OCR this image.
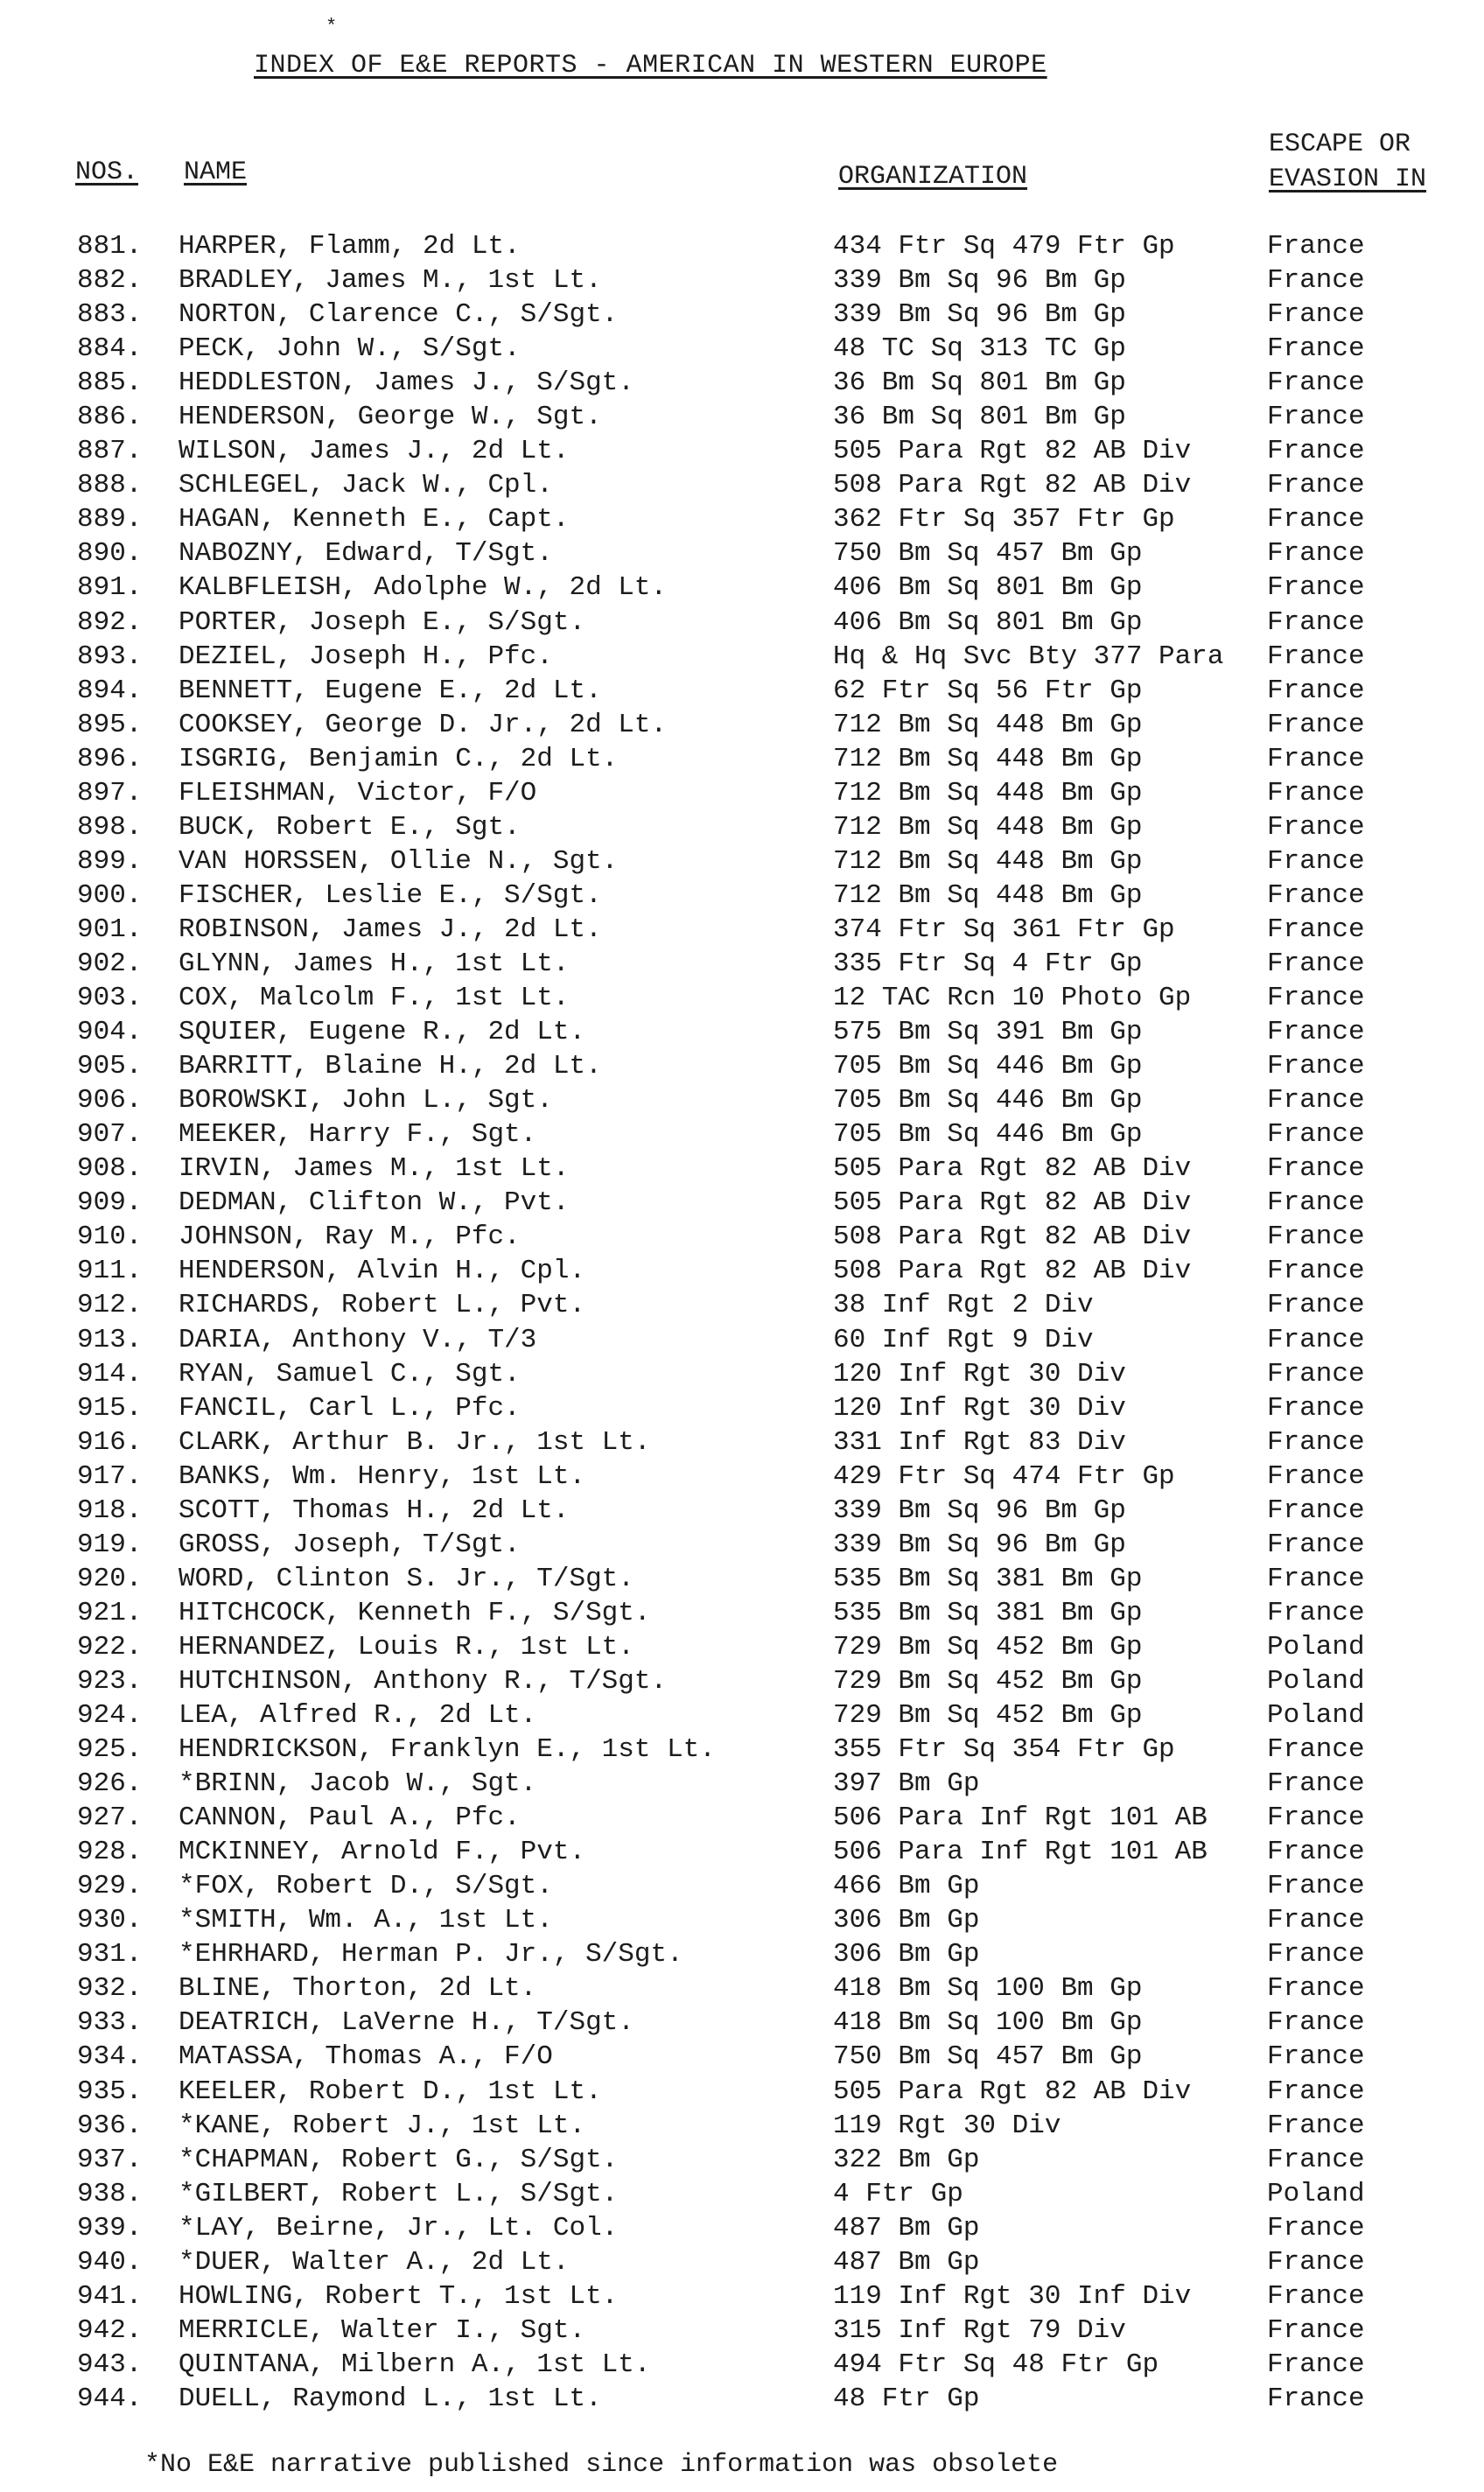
*
INDEX OF E&E REPORTS - AMERICAN IN WESTERN EUROPE
NOS. NAME	ORGANIZATION
ESCAPE OR
EVASION IN
881. HARPER, Flamm, 2d Lt.	434 Ftr Sq 479 Ftr Gp	France
882. BRADLEY, James M., 1st Lt.	339 Bm Sq 96 Bm Gp	France
883. NORTON, Clarence C., S/Sgt.	339 Bm Sq 96 Bm Gp	France
884. PECK, John W., S/Sgt.	48 TC Sq 313 TC Gp	France
885. HEDDLESTON, James J., S/Sgt.	36 Bm Sq 801 Bm Gp	France
886. HENDERSON, George W., Sgt.	36 Bm Sq 801 Bm Gp	France
887. WILSON, James J., 2d Lt.	505 Para Rgt 82 AB Div	France
888. SCHLEGEL, Jack W., Cpl.	508 Para Rgt 82 AB Div	France
889. HAGAN, Kenneth E., Capt.	362 Ftr Sq 357 Ftr Gp	France
890. NABOZNY, Edward, T/Sgt.	750 Bm Sq 457 Bm Gp	France
891. KALBFLEISH, Adolphe W., 2d Lt.	406 Bm Sq 801 Bm Gp	France
892. PORTER, Joseph E., S/Sgt.	406 Bm Sq 801 Bm Gp	France
893. DEZIEL, Joseph H., Pfc.	Hq & Hq Svc Bty 377 Para France
894. BENNETT, Eugene E., 2d Lt.	62 Ftr Sq 56 Ftr Gp	France
895. COOKSEY, George D. Jr., 2d Lt.	712 Bm Sq 448 Bm Gp	France
896. ISGRIG, Benjamin C., 2d Lt.	712 Bm Sq 448 Bm Gp	France
897. FLEISHMAN, Victor, F/O	712 Bm Sq 448 Bm Gp	France
898. BUCK, Robert E., Sgt.	712 Bm Sq 448 Bm Gp	France
899. VAN HORSSEN, Ollie N., Sgt.	712 Bm Sq 448 Bm Gp	France
900. FISCHER, Leslie E., S/Sgt.	712 Bm Sq 448 Bm Gp	France
901. ROBINSON, James J., 2d Lt.	374 Ftr Sq 361 Ftr Gp	France
902. GLYNN, James H., 1st Lt.	335 Ftr Sq 4 Ftr Gp	France
903. COX, Malcolm F., 1st Lt.	12 TAC Rcn 10 Photo Gp	France
904. SQUIER, Eugene R., 2d Lt.	575 Bm Sq 391 Bm Gp	France
905. BARRITT, Blaine H., 2d Lt.	705 Bm Sq 446 Bm Gp	France
906. BOROWSKI, John L., Sgt.	705 Bm Sq 446 Bm Gp	France
907. MEEKER, Harry F., Sgt.	705 Bm Sq 446 Bm Gp	France
908. IRVIN, James M., 1st Lt.	505 Para Rgt 82 AB Div	France
909. DEDMAN, Clifton W., Pvt.	505 Para Rgt 82 AB Div	France
910. JOHNSON, Ray M., Pfc.	508 Para Rgt 82 AB Div	France
911. HENDERSON, Alvin H., Cpl.	508 Para Rgt 82 AB Div	France
912. RICHARDS, Robert L., Pvt.	38 Inf Rgt 2 Div	France
913. DARIA, Anthony V., T/3	60 Inf Rgt 9 Div	France
914. RYAN, Samuel C., Sgt.	120 Inf Rgt 30 Div	France
915. FANCIL, Carl L., Pfc.	120 Inf Rgt 30 Div	France
916. CLARK, Arthur B. Jr., 1st Lt.	331 Inf Rgt 83 Div	France
917. BANKS, Wm. Henry, 1st Lt.	429 Ftr Sq 474 Ftr Gp	France
918. SCOTT, Thomas H., 2d Lt.	339 Bm Sq 96 Bm Gp	France
919. GROSS, Joseph, T/Sgt.	339 Bm Sq 96 Bm Gp	France
920. WORD, Clinton S. Jr., T/Sgt.	535 Bm Sq 381 Bm Gp	France
921. HITCHCOCK, Kenneth F., S/Sgt.	535 Bm Sq 381 Bm Gp	France
922. HERNANDEZ, Louis R., 1st Lt.	729 Bm Sq 452 Bm Gp	Poland
923. HUTCHINSON, Anthony R., T/Sgt.	729 Bm Sq 452 Bm Gp	Poland
924. LEA, Alfred R., 2d Lt.	729 Bm Sq 452 Bm Gp	Poland
925. HENDRICKSON, Franklyn E., 1st Lt.	355 Ftr Sq 354 Ftr Gp	France
926. *BRINN, Jacob W., Sgt.	397 Bm Gp	France
927. CANNON, Paul A., Pfc.	506 Para Inf Rgt 101 AB France
928. MCKINNEY, Arnold F., Pvt.	506 Para Inf Rgt 101 AB France
929. *FOX, Robert D., S/Sgt.	466 Bm Gp	France
930. *SMITH, Wm. A., 1st Lt.	306 Bm Gp	France
931. *EHRHARD, Herman P. Jr., S/Sgt.	306 Bm Gp	France
932. BLINE, Thorton, 2d Lt.	418 Bm Sq 100 Bm Gp	France
933. DEATRICH, LaVerne H., T/Sgt.	418 Bm Sq 100 Bm Gp	France
934. MATASSA, Thomas A., F/O	750 Bm Sq 457 Bm Gp	France
935. KEELER, Robert D., 1st Lt.	505 Para Rgt 82 AB Div	France
936. *KANE, Robert J., 1st Lt.	119 Rgt 30 Div	France
937. *CHAPMAN, Robert G., S/Sgt.	322 Bm Gp	France
938. *GILBERT, Robert L., S/Sgt.	4 Ftr Gp	Poland
939. *LAY, Beirne, Jr., Lt. Col.	487 Bm Gp	France
940. *DUER, Walter A., 2d Lt.	487 Bm Gp	France
941. HOWLING, Robert T., 1st Lt.	119 Inf Rgt 30 Inf Div	France
942. MERRICLE, Walter I., Sgt.	315 Inf Rgt 79 Div	France
943. QUINTANA, Milbern A., 1st Lt.	494 Ftr Sq 48 Ftr Gp	France
944. DUELL, Raymond L., 1st Lt.	48 Ftr Gp	France
*No E&E narrative published since information was obsolete
